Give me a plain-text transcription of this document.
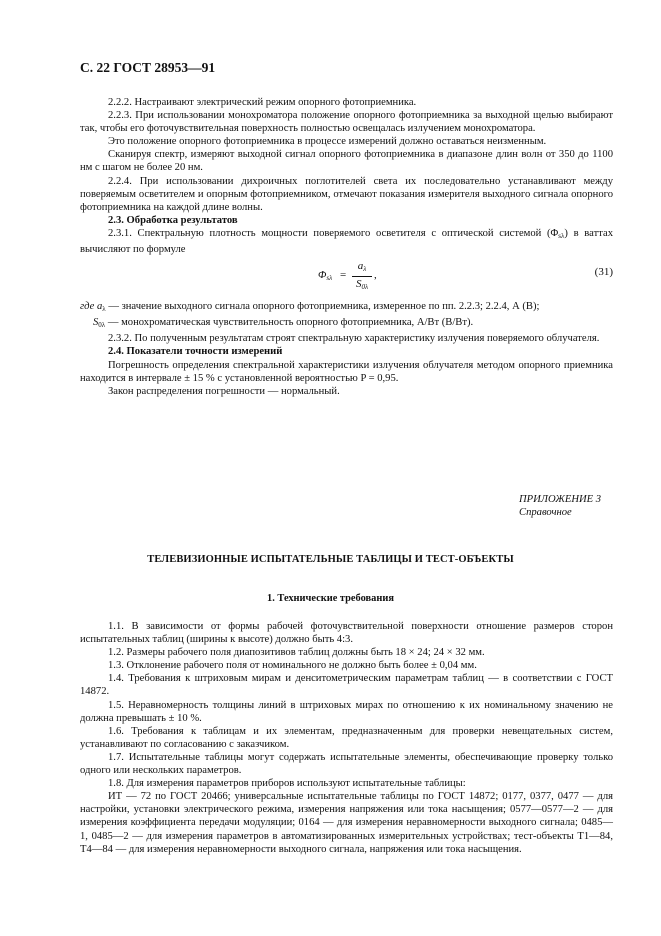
С. 22 ГОСТ 28953—91

2.2.2. Настраивают электрический режим опорного фотоприемника.

2.2.3. При использовании монохроматора положение опорного фотоприемника за выходной щелью выбирают так, чтобы его фоточувствительная поверхность полностью освещалась излучением монохроматора.

Это положение опорного фотоприемника в процессе измерений должно оставаться неизменным.

Сканируя спектр, измеряют выходной сигнал опорного фотоприемника в диапазоне длин волн от 350 до 1100 нм с шагом не более 20 нм.

2.2.4. При использовании дихроичных поглотителей света их последовательно устанавливают между поверяемым осветителем и опорным фотоприемником, отмечают показания измерителя выходного сигнала опорного фотоприемника на каждой длине волны.

2.3. Обработка результатов

2.3.1. Спектральную плотность мощности поверяемого осветителя с оптической системой $(\Phi_{s\lambda})$ в ваттах вычисляют по формуле

$\Phi_{s\lambda} = \frac{a_\lambda}{S_{0\lambda}}$ ,	(31)

где $a_\lambda$ — значение выходного сигнала опорного фотоприемника, измеренное по пп. 2.2.3; 2.2.4, А (В);

$S_{0\lambda}$ — монохроматическая чувствительность опорного фотоприемника, А/Вт (В/Вт).

2.3.2. По полученным результатам строят спектральную характеристику излучения поверяемого облучателя.

2.4. Показатели точности измерений

Погрешность определения спектральной характеристики излучения облучателя методом опорного приемника находится в интервале ± 15 % с установленной вероятностью P = 0,95.

Закон распределения погрешности — нормальный.

ПРИЛОЖЕНИЕ 3
Справочное
ТЕЛЕВИЗИОННЫЕ ИСПЫТАТЕЛЬНЫЕ ТАБЛИЦЫ И ТЕСТ-ОБЪЕКТЫ
1. Технические требования

1.1. В зависимости от формы рабочей фоточувствительной поверхности отношение размеров сторон испытательных таблиц (ширины к высоте) должно быть 4:3.

1.2. Размеры рабочего поля диапозитивов таблиц должны быть 18 × 24; 24 × 32 мм.

1.3. Отклонение рабочего поля от номинального не должно быть более ± 0,04 мм.

1.4. Требования к штриховым мирам и денситометрическим параметрам таблиц — в соответствии с ГОСТ 14872.

1.5. Неравномерность толщины линий в штриховых мирах по отношению к их номинальному значению не должна превышать ± 10 %.

1.6. Требования к таблицам и их элементам, предназначенным для проверки невещательных систем, устанавливают по согласованию с заказчиком.

1.7. Испытательные таблицы могут содержать испытательные элементы, обеспечивающие проверку только одного или нескольких параметров.

1.8. Для измерения параметров приборов используют испытательные таблицы:

ИТ — 72 по ГОСТ 20466; универсальные испытательные таблицы по ГОСТ 14872; 0177, 0377, 0477 — для настройки, установки электрического режима, измерения напряжения или тока насыщения; 0577—0577—2 — для измерения коэффициента передачи модуляции; 0164 — для измерения неравномерности выходного сигнала; 0485—1, 0485—2 — для измерения параметров в автоматизированных измерительных устройствах; тест-объекты Т1—84, Т4—84 — для измерения неравномерности выходного сигнала, напряжения или тока насыщения.
